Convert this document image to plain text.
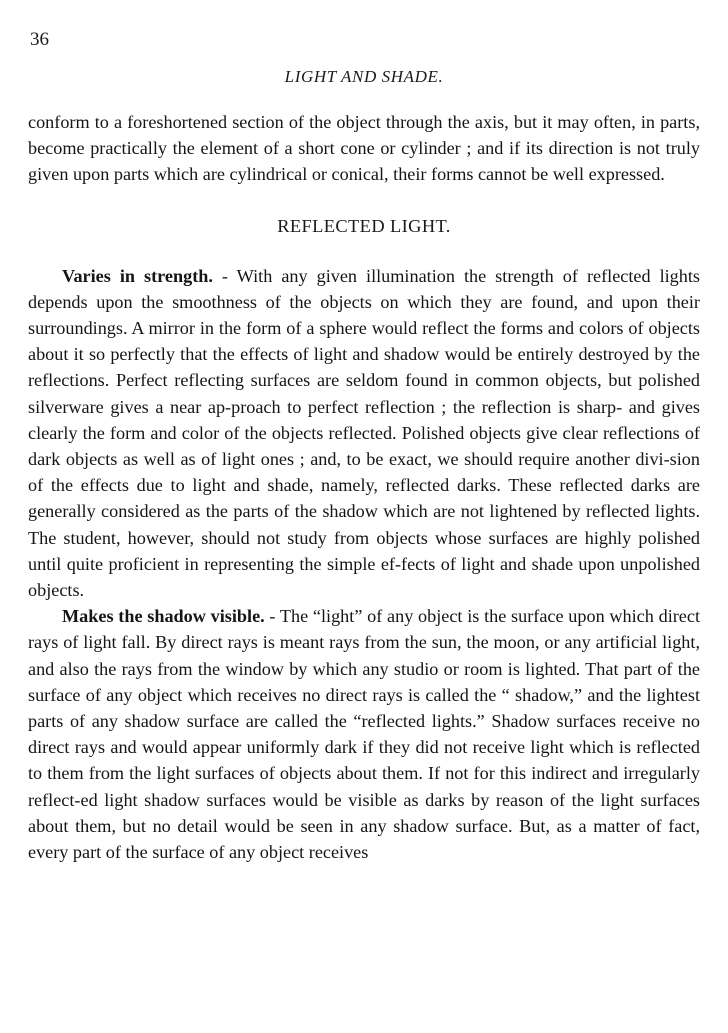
36
LIGHT AND SHADE.

conform to a foreshortened section of the object through the axis, but it may often, in parts, become practically the element of a short cone or cylinder ; and if its direction is not truly given upon parts which are cylindrical or conical, their forms cannot be well expressed.

REFLECTED LIGHT.

Varies in strength. - With any given illumination the strength of reflected lights depends upon the smoothness of the objects on which they are found, and upon their surroundings. A mirror in the form of a sphere would reflect the forms and colors of objects about it so perfectly that the effects of light and shadow would be entirely destroyed by the reflections. Perfect reflecting surfaces are seldom found in common objects, but polished silverware gives a near ap-proach to perfect reflection ; the reflection is sharp- and gives clearly the form and color of the objects reflected. Polished objects give clear reflections of dark objects as well as of light ones ; and, to be exact, we should require another divi-sion of the effects due to light and shade, namely, reflected darks. These reflected darks are generally considered as the parts of the shadow which are not lightened by reflected lights. The student, however, should not study from objects whose surfaces are highly polished until quite proficient in representing the simple ef-fects of light and shade upon unpolished objects.

Makes the shadow visible. - The “light” of any object is the surface upon which direct rays of light fall. By direct rays is meant rays from the sun, the moon, or any artificial light, and also the rays from the window by which any studio or room is lighted. That part of the surface of any object which receives no direct rays is called the “ shadow,” and the lightest parts of any shadow surface are called the “reflected lights.” Shadow surfaces receive no direct rays and would appear uniformly dark if they did not receive light which is reflected to them from the light surfaces of objects about them. If not for this indirect and irregularly reflect-ed light shadow surfaces would be visible as darks by reason of the light surfaces about them, but no detail would be seen in any shadow surface. But, as a matter of fact, every part of the surface of any object receives
